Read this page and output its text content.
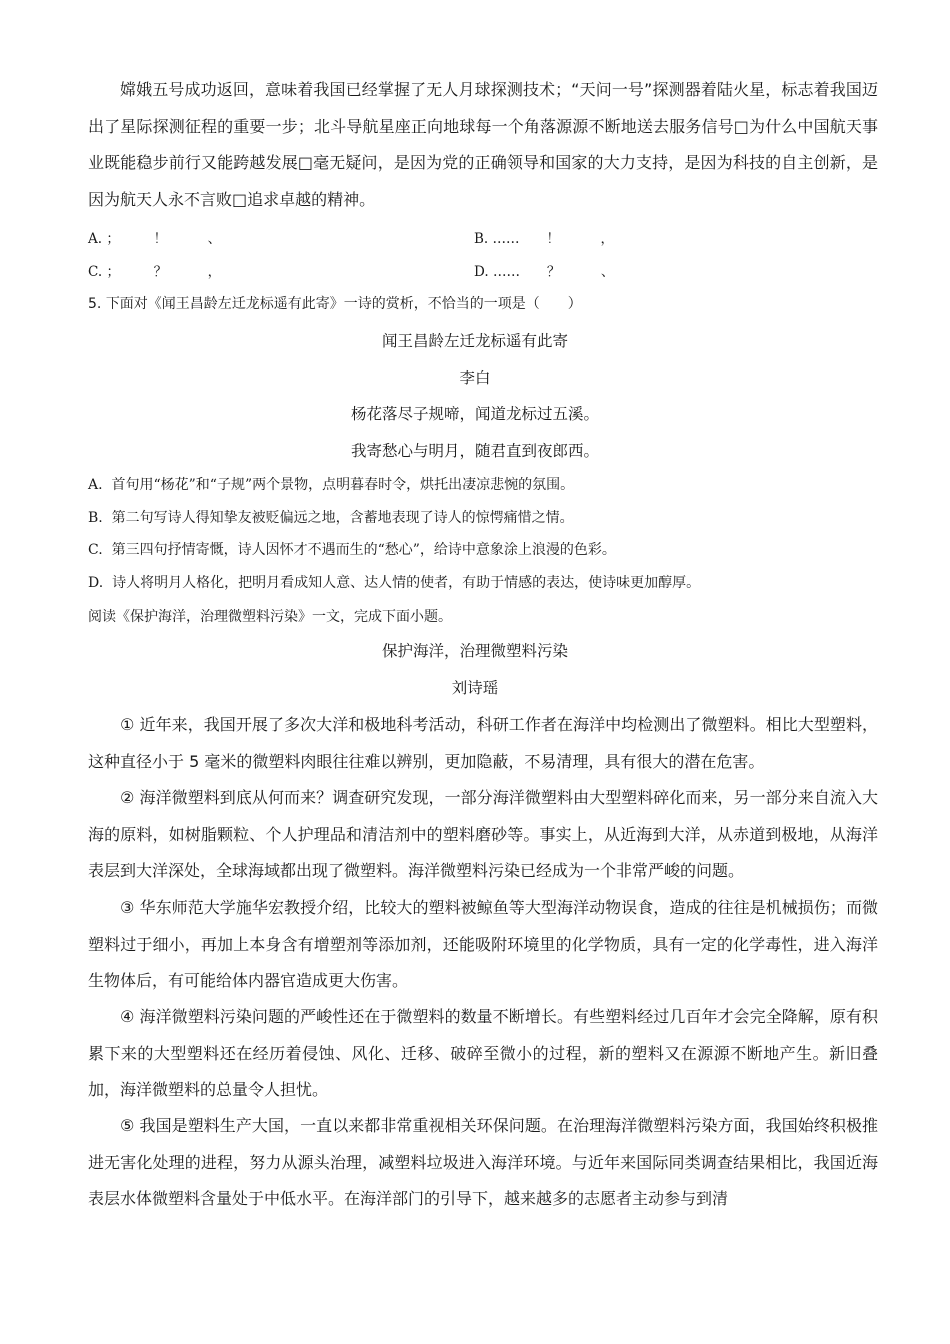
嫦娥五号成功返回，意味着我国已经掌握了无人月球探测技术；“天问一号”探测器着陆火星，标志着我国迈出了星际探测征程的重要一步；北斗导航星座正向地球每一个角落源源不断地送去服务信号□为什么中国航天事业既能稳步前行又能跨越发展□毫无疑问，是因为党的正确领导和国家的大力支持，是因为科技的自主创新，是因为航天人永不言败□追求卓越的精神。

A. ；　　　！　　　、	B. ……　　！　　　，
C. ；　　　？　　　，	D. ……　　？　　　、
5. 下面对《闻王昌龄左迁龙标遥有此寄》一诗的赏析，不恰当的一项是（　　）
闻王昌龄左迁龙标遥有此寄
李白
杨花落尽子规啼，闻道龙标过五溪。
我寄愁心与明月，随君直到夜郎西。
A. 首句用“杨花”和“子规”两个景物，点明暮春时令，烘托出凄凉悲惋的氛围。
B. 第二句写诗人得知挚友被贬偏远之地，含蓄地表现了诗人的惊愕痛惜之情。
C. 第三四句抒情寄慨，诗人因怀才不遇而生的“愁心”，给诗中意象涂上浪漫的色彩。
D. 诗人将明月人格化，把明月看成知人意、达人情的使者，有助于情感的表达，使诗味更加醇厚。
阅读《保护海洋，治理微塑料污染》一文，完成下面小题。
保护海洋，治理微塑料污染
刘诗瑶

① 近年来，我国开展了多次大洋和极地科考活动，科研工作者在海洋中均检测出了微塑料。相比大型塑料，这种直径小于 5 毫米的微塑料肉眼往往难以辨别，更加隐蔽，不易清理，具有很大的潜在危害。

② 海洋微塑料到底从何而来？调查研究发现，一部分海洋微塑料由大型塑料碎化而来，另一部分来自流入大海的原料，如树脂颗粒、个人护理品和清洁剂中的塑料磨砂等。事实上，从近海到大洋，从赤道到极地，从海洋表层到大洋深处，全球海域都出现了微塑料。海洋微塑料污染已经成为一个非常严峻的问题。

③ 华东师范大学施华宏教授介绍，比较大的塑料被鲸鱼等大型海洋动物误食，造成的往往是机械损伤；而微塑料过于细小，再加上本身含有增塑剂等添加剂，还能吸附环境里的化学物质，具有一定的化学毒性，进入海洋生物体后，有可能给体内器官造成更大伤害。

④ 海洋微塑料污染问题的严峻性还在于微塑料的数量不断增长。有些塑料经过几百年才会完全降解，原有积累下来的大型塑料还在经历着侵蚀、风化、迁移、破碎至微小的过程，新的塑料又在源源不断地产生。新旧叠加，海洋微塑料的总量令人担忧。

⑤ 我国是塑料生产大国，一直以来都非常重视相关环保问题。在治理海洋微塑料污染方面，我国始终积极推进无害化处理的进程，努力从源头治理，减塑料垃圾进入海洋环境。与近年来国际同类调查结果相比，我国近海表层水体微塑料含量处于中低水平。在海洋部门的引导下，越来越多的志愿者主动参与到清
